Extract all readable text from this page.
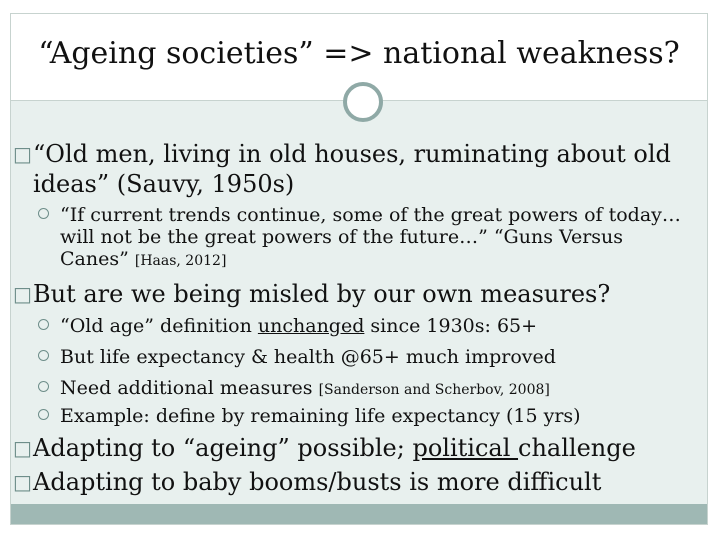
“Ageing societies” => national weakness?
□ “Old men, living in old houses, ruminating about old ideas” (Sauvy, 1950s)
“If current trends continue, some of the great powers of today…will not be the great powers of the future…” “Guns Versus Canes” [Haas, 2012]
□ But are we being misled by our own measures?
“Old age” definition unchanged since 1930s: 65+
But life expectancy & health @65+ much improved
Need additional measures [Sanderson and Scherbov, 2008]
Example: define by remaining life expectancy (15 yrs)
□ Adapting to “ageing” possible; political challenge
□ Adapting to baby booms/busts is more difficult
